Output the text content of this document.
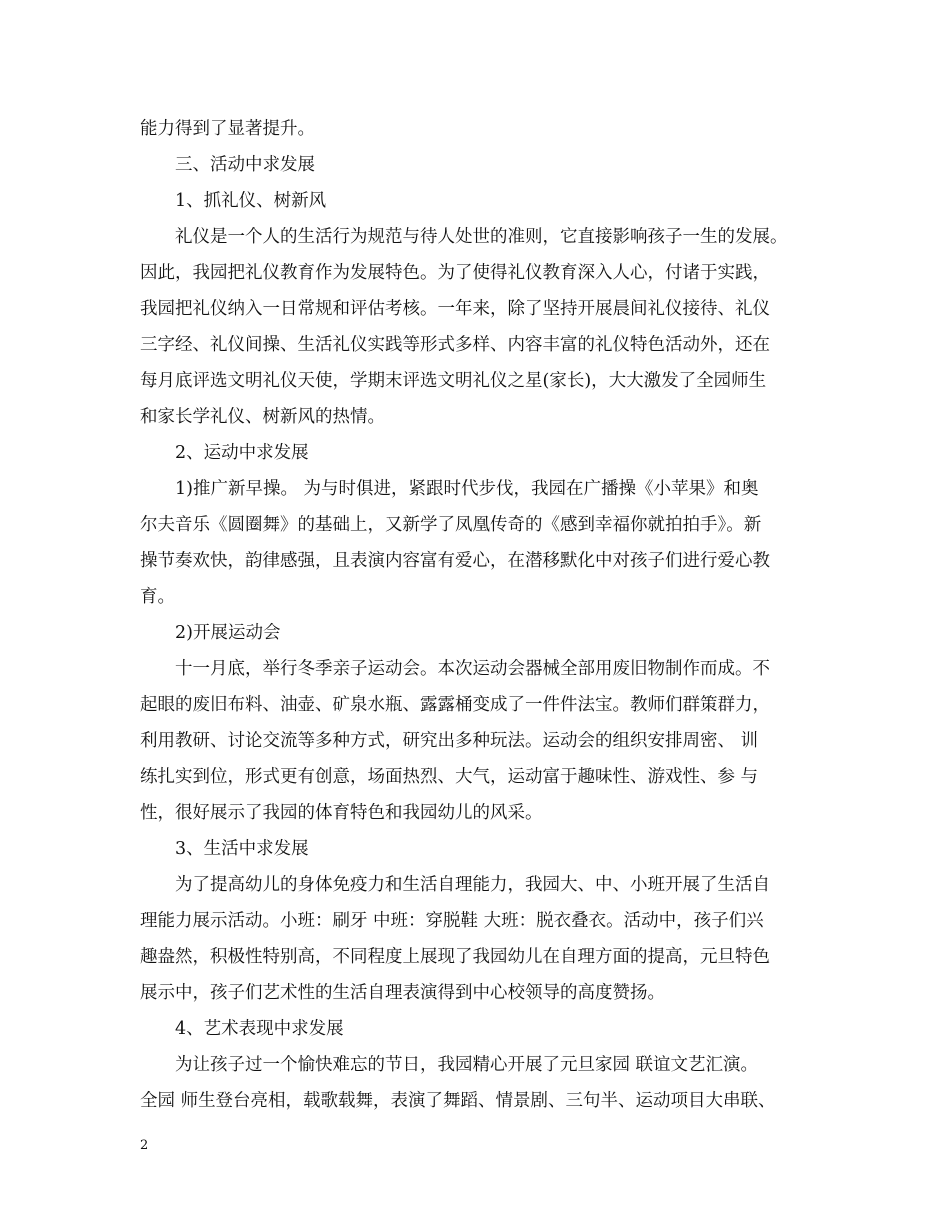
能力得到了显著提升。
三、活动中求发展
1、抓礼仪、树新风
礼仪是一个人的生活行为规范与待人处世的准则，它直接影响孩子一生的发展。
因此，我园把礼仪教育作为发展特色。为了使得礼仪教育深入人心，付诸于实践，
我园把礼仪纳入一日常规和评估考核。一年来，除了坚持开展晨间礼仪接待、礼仪
三字经、礼仪间操、生活礼仪实践等形式多样、内容丰富的礼仪特色活动外，还在
每月底评选文明礼仪天使，学期末评选文明礼仪之星(家长)，大大激发了全园师生
和家长学礼仪、树新风的热情。
2、运动中求发展
1)推广新早操。 为与时俱进，紧跟时代步伐，我园在广播操《小苹果》和奥
尔夫音乐《圆圈舞》的基础上，又新学了凤凰传奇的《感到幸福你就拍拍手》。新
操节奏欢快，韵律感强，且表演内容富有爱心，在潜移默化中对孩子们进行爱心教
育。
2)开展运动会
十一月底，举行冬季亲子运动会。本次运动会器械全部用废旧物制作而成。不
起眼的废旧布料、油壶、矿泉水瓶、露露桶变成了一件件法宝。教师们群策群力，
利用教研、讨论交流等多种方式，研究出多种玩法。运动会的组织安排周密、 训
练扎实到位，形式更有创意，场面热烈、大气，运动富于趣味性、游戏性、参 与
性，很好展示了我园的体育特色和我园幼儿的风采。
3、生活中求发展
为了提高幼儿的身体免疫力和生活自理能力，我园大、中、小班开展了生活自
理能力展示活动。小班：刷牙 中班：穿脱鞋 大班：脱衣叠衣。活动中，孩子们兴
趣盎然，积极性特别高，不同程度上展现了我园幼儿在自理方面的提高，元旦特色
展示中，孩子们艺术性的生活自理表演得到中心校领导的高度赞扬。
4、艺术表现中求发展
为让孩子过一个愉快难忘的节日，我园精心开展了元旦家园 联谊文艺汇演。
全园 师生登台亮相，载歌载舞，表演了舞蹈、情景剧、三句半、运动项目大串联、
2
